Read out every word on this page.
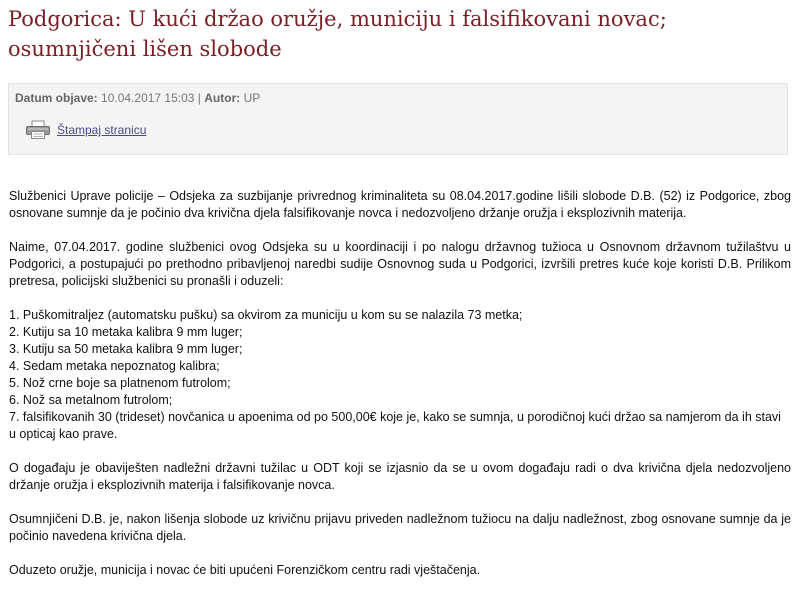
Podgorica: U kući držao oružje, municiju i falsifikovani novac; osumnjičeni lišen slobode
Datum objave: 10.04.2017 15:03 | Autor: UP
Štampaj stranicu

Službenici Uprave policije – Odsjeka za suzbijanje privrednog kriminaliteta su 08.04.2017.godine lišili slobode D.B. (52) iz Podgorice, zbog osnovane sumnje da je počinio dva krivična djela falsifikovanje novca i nedozvoljeno držanje oružja i eksplozivnih materija.

Naime, 07.04.2017. godine službenici ovog Odsjeka su u koordinaciji i po nalogu državnog tužioca u Osnovnom državnom tužilaštvu u Podgorici, a postupajući po prethodno pribavljenoj naredbi sudije Osnovnog suda u Podgorici, izvršili pretres kuće koje koristi D.B. Prilikom pretresa, policijski službenici su pronašli i oduzeli:

1. Puškomitraljez (automatsku pušku) sa okvirom za municiju u kom su se nalazila 73 metka;
2. Kutiju sa 10 metaka kalibra 9 mm luger;
3. Kutiju sa 50 metaka kalibra 9 mm luger;
4. Sedam metaka nepoznatog kalibra;
5. Nož crne boje sa platnenom futrolom;
6. Nož sa metalnom futrolom;
7. falsifikovanih 30 (trideset) novčanica u apoenima od po 500,00€ koje je, kako se sumnja, u porodičnoj kući držao sa namjerom da ih stavi u opticaj kao prave.

O događaju je obaviješten nadležni državni tužilac u ODT koji se izjasnio da se u ovom događaju radi o dva krivična djela nedozvoljeno držanje oružja i eksplozivnih materija i falsifikovanje novca.

Osumnjičeni D.B. je, nakon lišenja slobode uz krivičnu prijavu priveden nadležnom tužiocu na dalju nadležnost, zbog osnovane sumnje da je počinio navedena krivična djela.

Oduzeto oružje, municija i novac će biti upućeni Forenzičkom centru radi vještačenja.
